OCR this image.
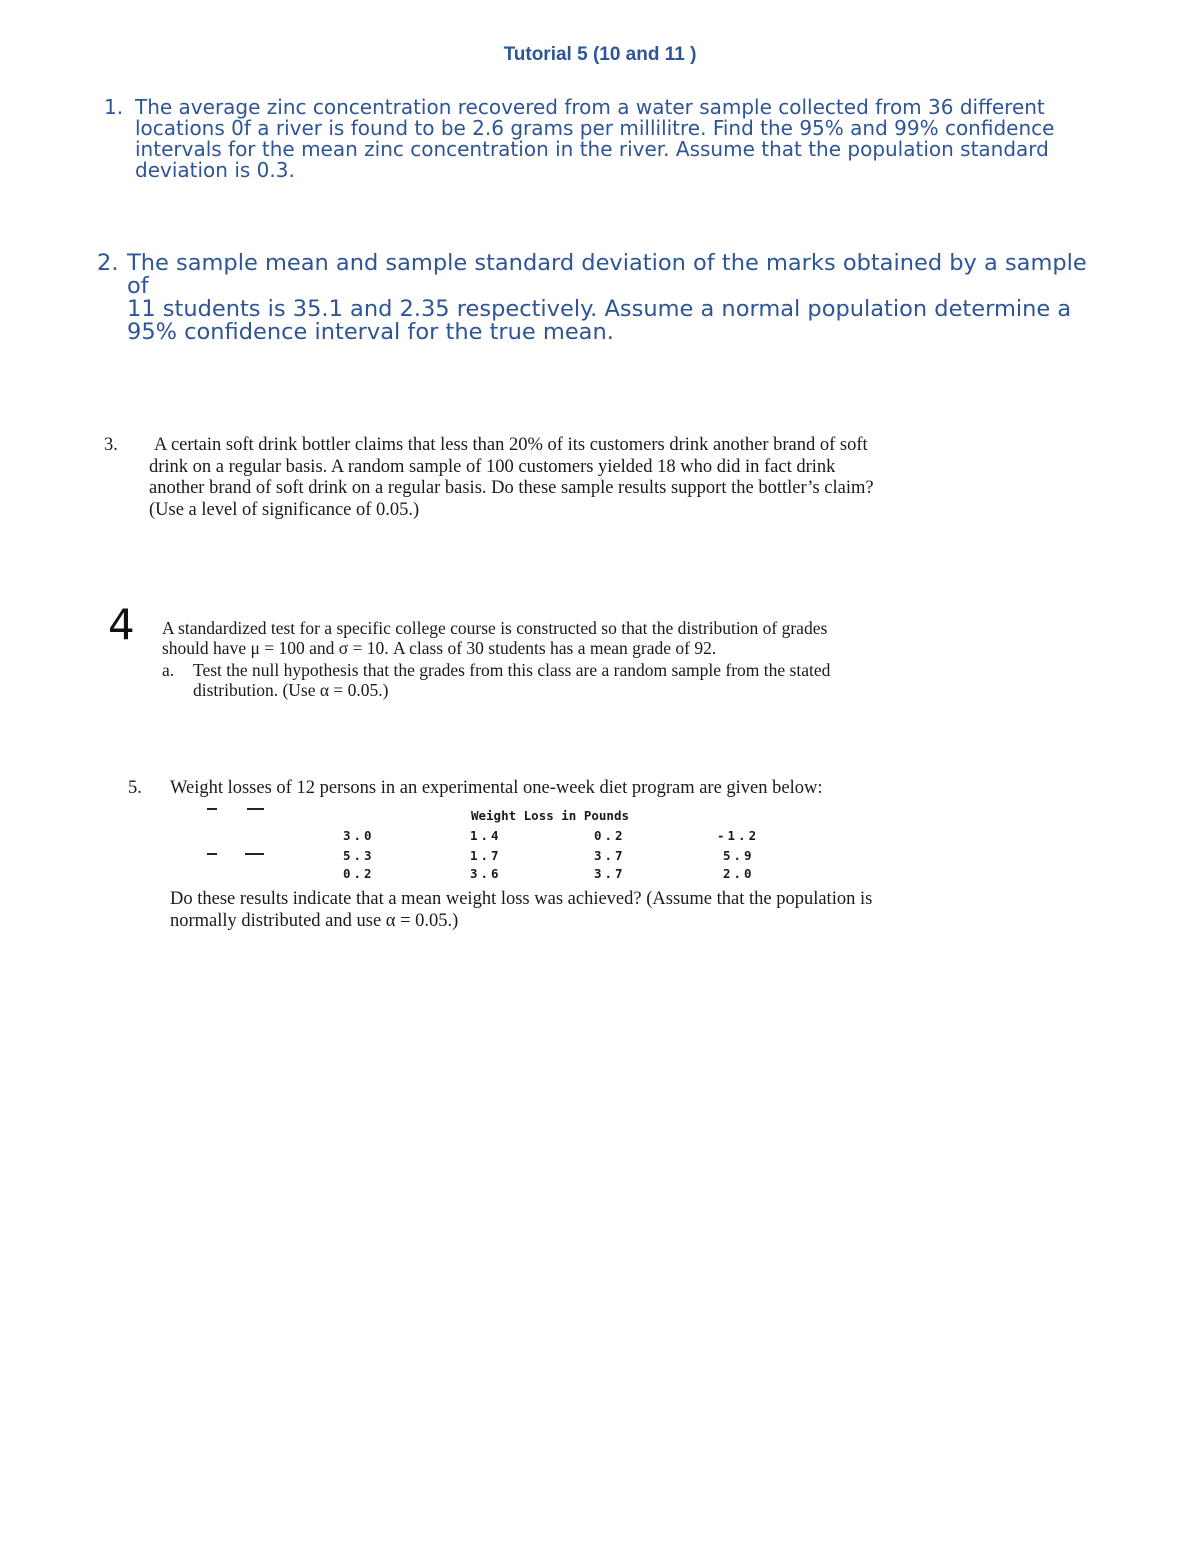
Tutorial 5 (10 and 11 )
1. The average zinc concentration recovered from a water sample collected from 36 different
locations 0f a river is found to be 2.6 grams per millilitre. Find the 95% and 99% confidence
intervals for the mean zinc concentration in the river. Assume that the population standard
deviation is 0.3.
2. The sample mean and sample standard deviation of the marks obtained by a sample of
11 students is 35.1 and 2.35 respectively. Assume a normal population determine a
95% confidence interval for the true mean.
3. A certain soft drink bottler claims that less than 20% of its customers drink another brand of soft
drink on a regular basis. A random sample of 100 customers yielded 18 who did in fact drink
another brand of soft drink on a regular basis. Do these sample results support the bottler’s claim?
(Use a level of significance of 0.05.)
4 A standardized test for a specific college course is constructed so that the distribution of grades
should have μ = 100 and σ = 10. A class of 30 students has a mean grade of 92.
a. Test the null hypothesis that the grades from this class are a random sample from the stated
distribution. (Use α = 0.05.)
5. Weight losses of 12 persons in an experimental one-week diet program are given below:
Weight Loss in Pounds
3.0	1.4	0.2	-1.2
5.3	1.7	3.7	5.9
0.2	3.6	3.7	2.0
Do these results indicate that a mean weight loss was achieved? (Assume that the population is
normally distributed and use α = 0.05.)
